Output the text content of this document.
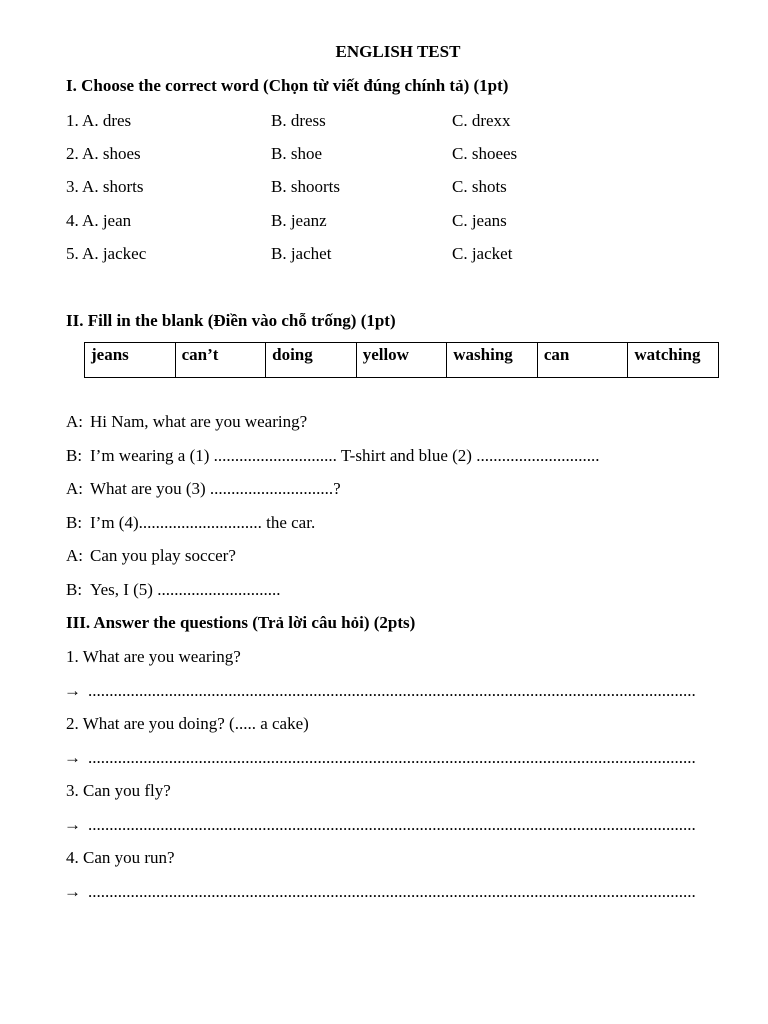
ENGLISH TEST
I. Choose the correct word (Chọn từ viết đúng chính tả) (1pt)
1. A. dres	B. dress	C. drexx
2. A. shoes	B. shoe	C. shoees
3. A. shorts	B. shoorts	C. shots
4. A. jean	B. jeanz	C. jeans
5. A. jackec	B. jachet	C. jacket
II. Fill in the blank (Điền vào chỗ trống) (1pt)
jeans	can’t	doing	yellow	washing	can	watching
A: Hi Nam, what are you wearing?
B: I’m wearing a (1) ............................. T-shirt and blue (2) .............................
A: What are you (3) .............................?
B: I’m (4)............................. the car.
A: Can you play soccer?
B: Yes, I (5) .............................
III. Answer the questions (Trả lời câu hỏi) (2pts)
1. What are you wearing?
→ ...............................................................................................................................................
2. What are you doing? (..... a cake)
→ ...............................................................................................................................................
3. Can you fly?
→ ...............................................................................................................................................
4. Can you run?
→ ...............................................................................................................................................
